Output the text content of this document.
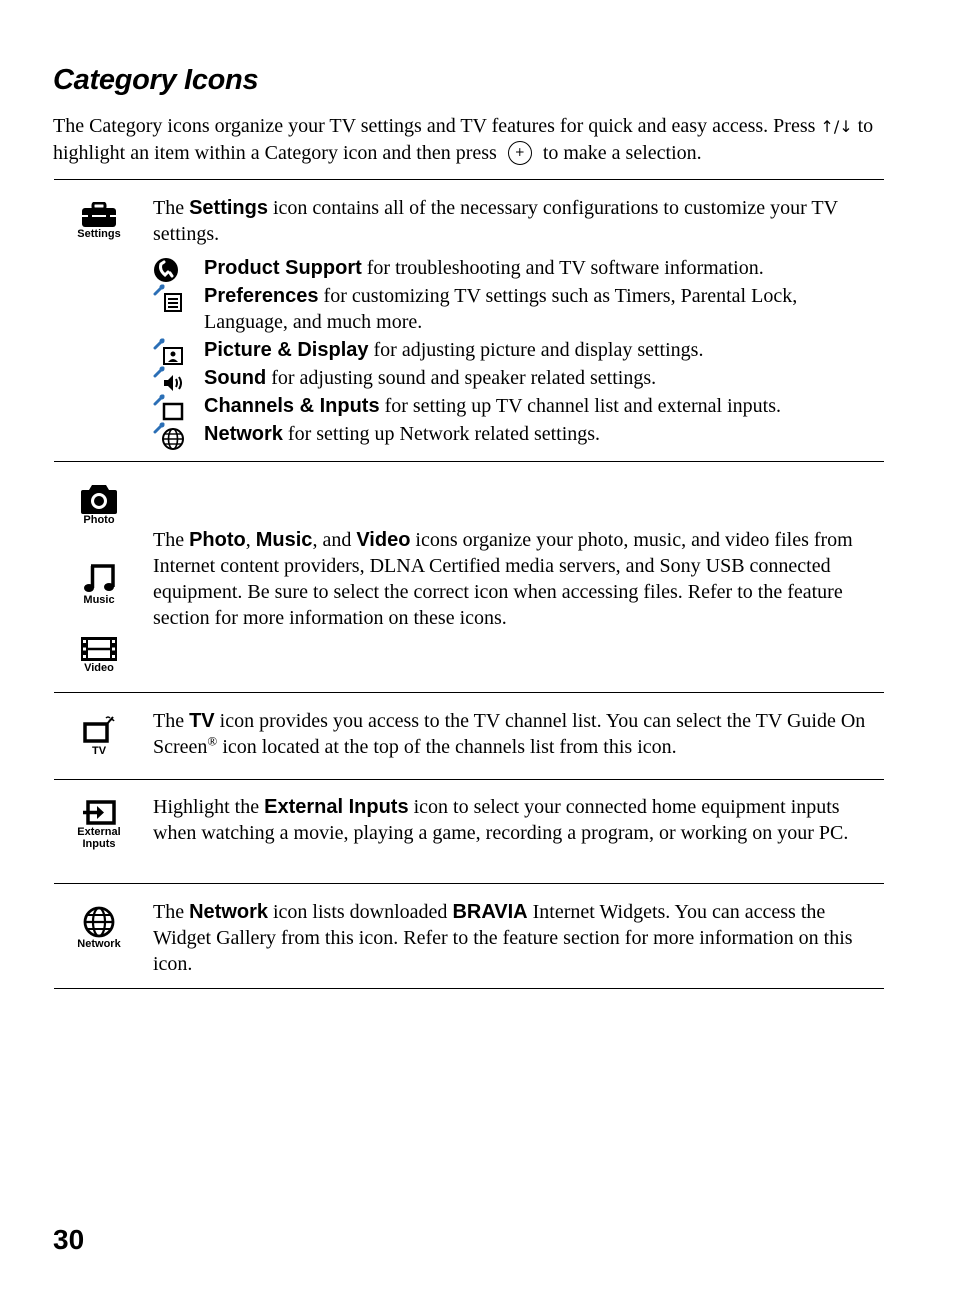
Category Icons
The Category icons organize your TV settings and TV features for quick and easy access. Press ↑/↓ to highlight an item within a Category icon and then press + to make a selection.
Settings
The Settings icon contains all of the necessary configurations to customize your TV settings.
Product Support for troubleshooting and TV software information.
Preferences for customizing TV settings such as Timers, Parental Lock, Language, and much more.
Picture & Display for adjusting picture and display settings.
Sound for adjusting sound and speaker related settings.
Channels & Inputs for setting up TV channel list and external inputs.
Network for setting up Network related settings.
Photo
Music
Video
The Photo, Music, and Video icons organize your photo, music, and video files from Internet content providers, DLNA Certified media servers, and Sony USB connected equipment. Be sure to select the correct icon when accessing files. Refer to the feature section for more information on these icons.
TV
The TV icon provides you access to the TV channel list. You can select the TV Guide On Screen® icon located at the top of the channels list from this icon.
External
Inputs
Highlight the External Inputs icon to select your connected home equipment inputs when watching a movie, playing a game, recording a program, or working on your PC.
Network
The Network icon lists downloaded BRAVIA Internet Widgets. You can access the Widget Gallery from this icon. Refer to the feature section for more information on this icon.
30
